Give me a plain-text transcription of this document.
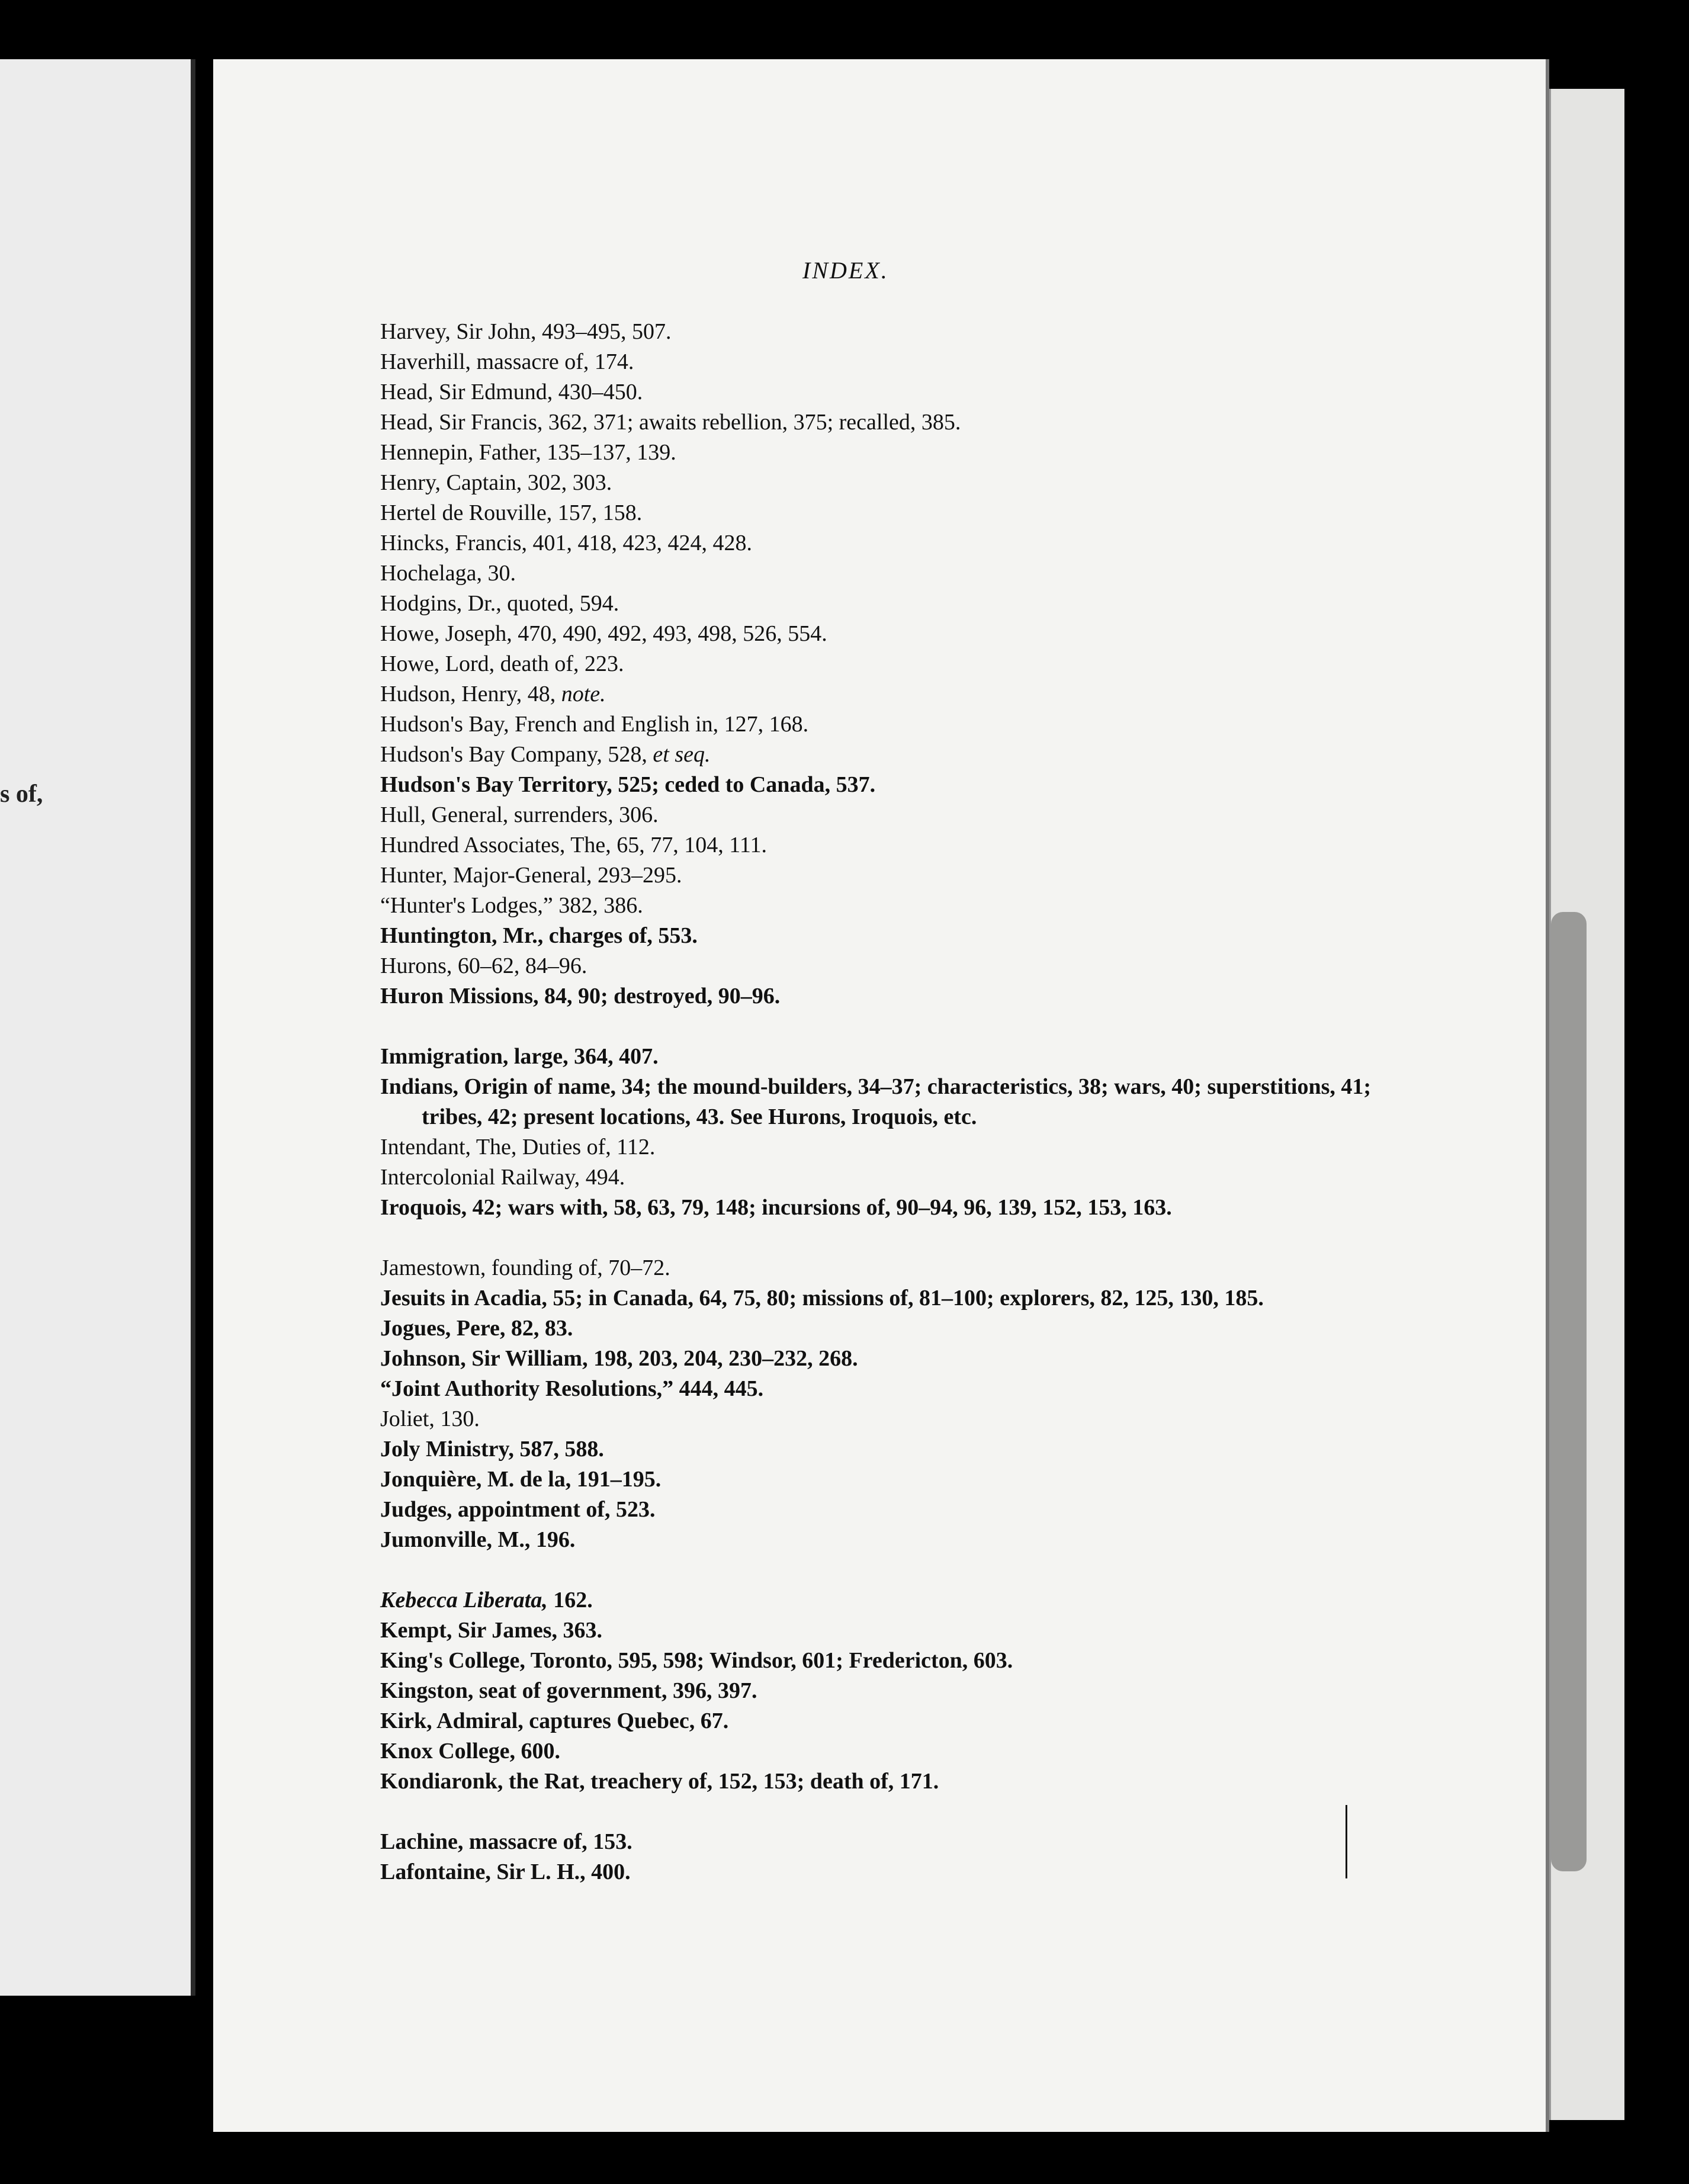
s of,
INDEX.
Harvey, Sir John, 493–495, 507.
Haverhill, massacre of, 174.
Head, Sir Edmund, 430–450.
Head, Sir Francis, 362, 371; awaits rebellion, 375; recalled, 385.
Hennepin, Father, 135–137, 139.
Henry, Captain, 302, 303.
Hertel de Rouville, 157, 158.
Hincks, Francis, 401, 418, 423, 424, 428.
Hochelaga, 30.
Hodgins, Dr., quoted, 594.
Howe, Joseph, 470, 490, 492, 493, 498, 526, 554.
Howe, Lord, death of, 223.
Hudson, Henry, 48, note.
Hudson's Bay, French and English in, 127, 168.
Hudson's Bay Company, 528, et seq.
Hudson's Bay Territory, 525; ceded to Canada, 537.
Hull, General, surrenders, 306.
Hundred Associates, The, 65, 77, 104, 111.
Hunter, Major-General, 293–295.
“Hunter's Lodges,” 382, 386.
Huntington, Mr., charges of, 553.
Hurons, 60–62, 84–96.
Huron Missions, 84, 90; destroyed, 90–96.
Immigration, large, 364, 407.
Indians, Origin of name, 34; the mound-builders, 34–37; characteristics, 38; wars, 40; superstitions, 41; tribes, 42; present locations, 43. See Hurons, Iroquois, etc.
Intendant, The, Duties of, 112.
Intercolonial Railway, 494.
Iroquois, 42; wars with, 58, 63, 79, 148; incursions of, 90–94, 96, 139, 152, 153, 163.
Jamestown, founding of, 70–72.
Jesuits in Acadia, 55; in Canada, 64, 75, 80; missions of, 81–100; explorers, 82, 125, 130, 185.
Jogues, Pere, 82, 83.
Johnson, Sir William, 198, 203, 204, 230–232, 268.
“Joint Authority Resolutions,” 444, 445.
Joliet, 130.
Joly Ministry, 587, 588.
Jonquière, M. de la, 191–195.
Judges, appointment of, 523.
Jumonville, M., 196.
Kebecca Liberata, 162.
Kempt, Sir James, 363.
King's College, Toronto, 595, 598; Windsor, 601; Fredericton, 603.
Kingston, seat of government, 396, 397.
Kirk, Admiral, captures Quebec, 67.
Knox College, 600.
Kondiaronk, the Rat, treachery of, 152, 153; death of, 171.
Lachine, massacre of, 153.
Lafontaine, Sir L. H., 400.
